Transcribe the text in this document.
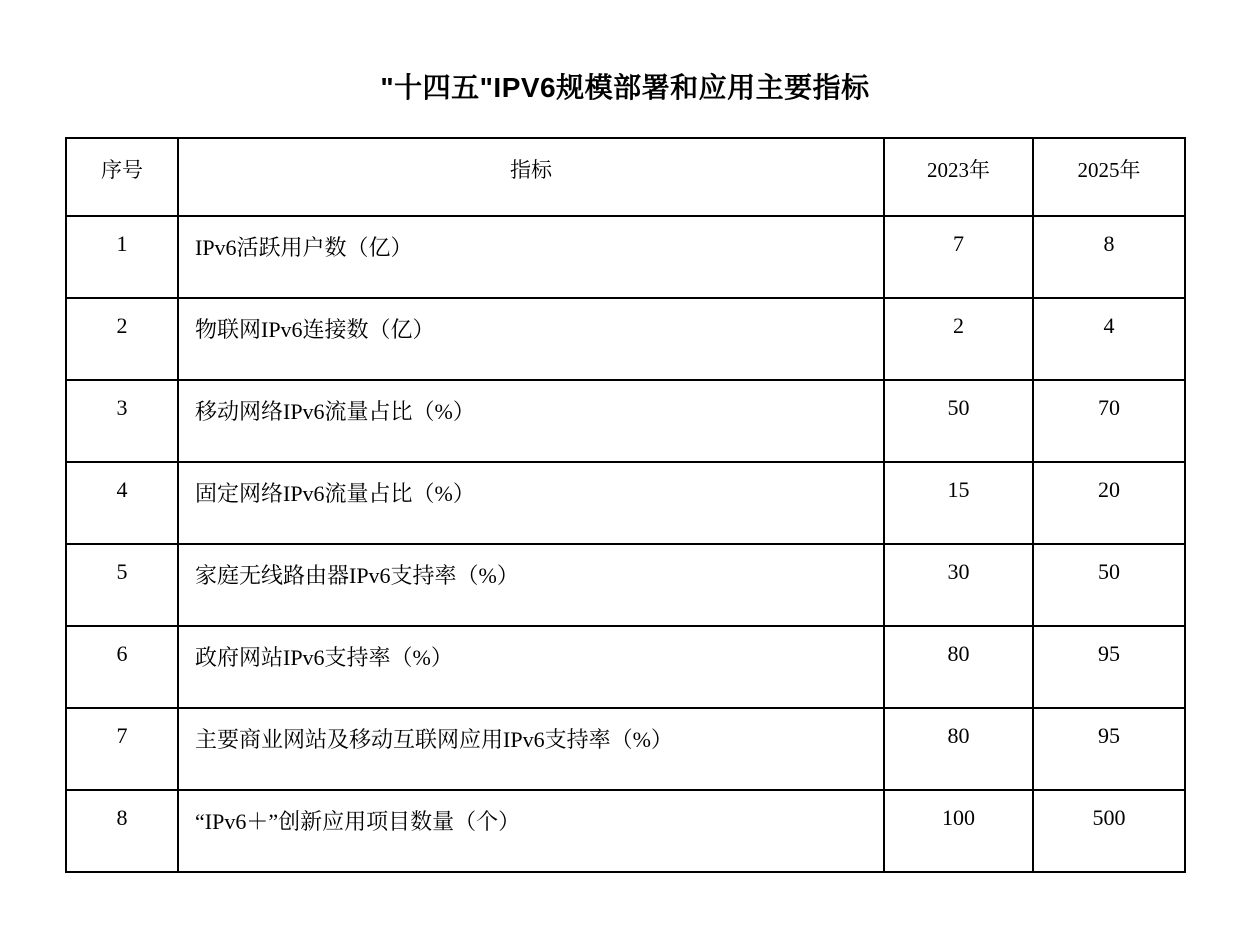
"十四五"IPV6规模部署和应用主要指标
序号	指标	2023年	2025年
1	IPv6活跃用户数（亿）	7	8
2	物联网IPv6连接数（亿）	2	4
3	移动网络IPv6流量占比（%）	50	70
4	固定网络IPv6流量占比（%）	15	20
5	家庭无线路由器IPv6支持率（%）	30	50
6	政府网站IPv6支持率（%）	80	95
7	主要商业网站及移动互联网应用IPv6支持率（%）	80	95
8	“IPv6＋”创新应用项目数量（个）	100	500
